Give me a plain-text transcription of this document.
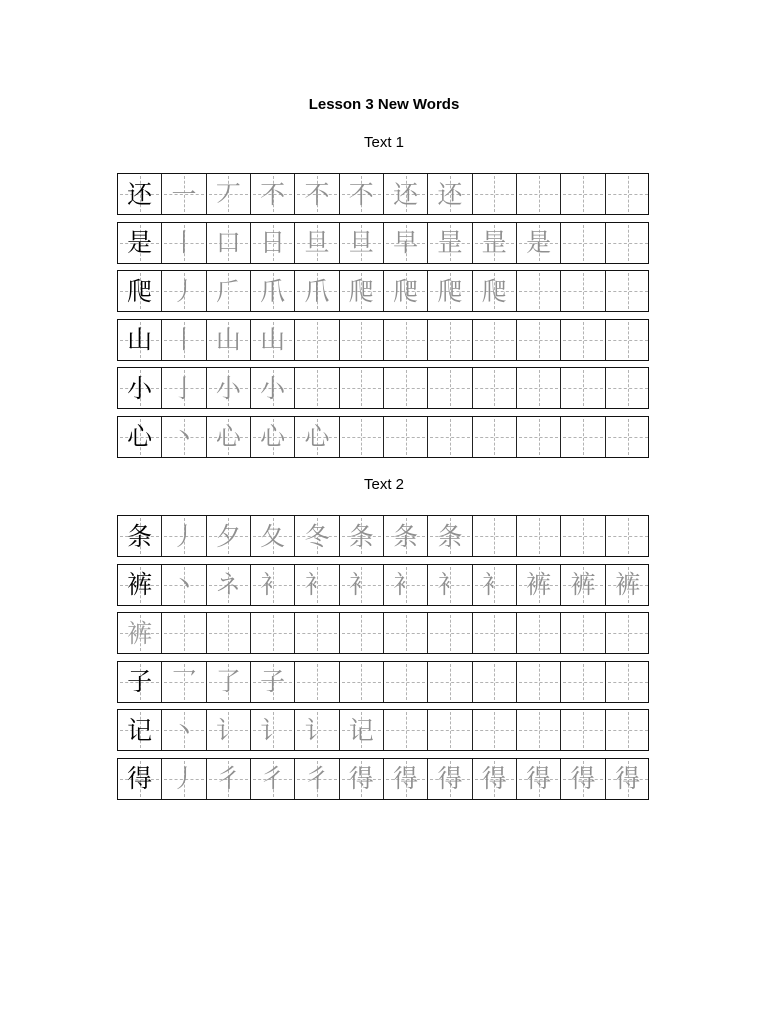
Lesson 3 New Words
Text 1
还 一 丆 不 不 不 还 还
是 丨 口 日 旦 旦 早 昰 昰 是
爬 丿 𠂆 爪 爪 爬 爬 爬 爬
山 丨 山 山
小 亅 小 小
心 丶 心 心 心
Text 2
条 丿 夕 夂 冬 条 条 条
裤 丶 ネ 衤 衤 衤 衤 衤 衤 裤 裤 裤
裤
子 乛 了 子
记 丶 讠 讠 讠 记
得 丿 彳 彳 彳 得 得 得 得 得 得 得
